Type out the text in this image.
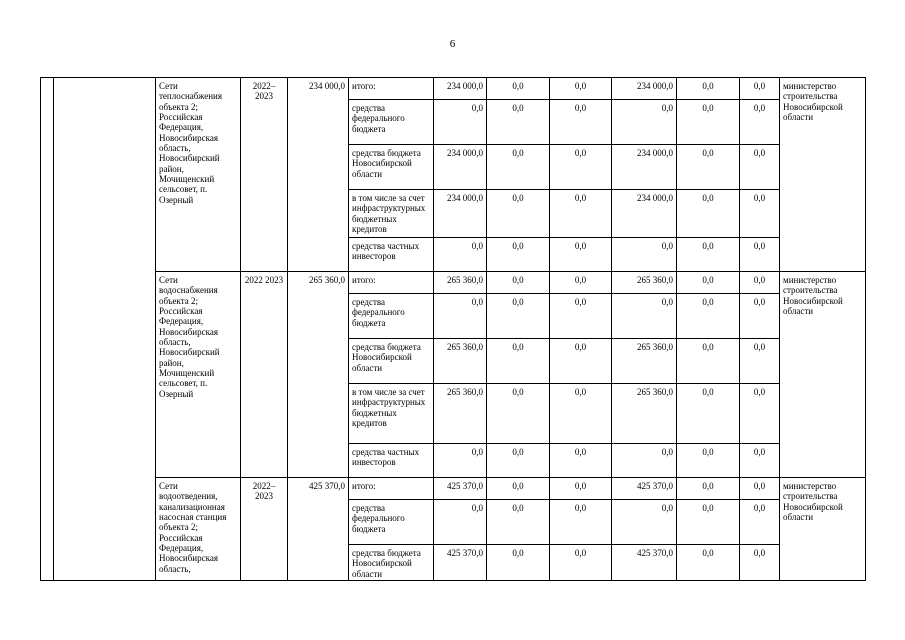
6
		Сети теплоснабжения объекта 2; Российская Федерация, Новосибирская область, Новосибирский район, Мочищенский сельсовет, п. Озерный	2022–2023	234 000,0	итого:	234 000,0	0,0	0,0	234 000,0	0,0	0,0	министерство строительства Новосибирской области
					средства федерального бюджета	0,0	0,0	0,0	0,0	0,0	0,0	
					средства бюджета Новосибирской области	234 000,0	0,0	0,0	234 000,0	0,0	0,0	
					в том числе за счет инфраструктурных бюджетных кредитов	234 000,0	0,0	0,0	234 000,0	0,0	0,0	
					средства частных инвесторов	0,0	0,0	0,0	0,0	0,0	0,0	
		Сети водоснабжения объекта 2; Российская Федерация, Новосибирская область, Новосибирский район, Мочищенский сельсовет, п. Озерный	2022 2023	265 360,0	итого:	265 360,0	0,0	0,0	265 360,0	0,0	0,0	министерство строительства Новосибирской области
					средства федерального бюджета	0,0	0,0	0,0	0,0	0,0	0,0	
					средства бюджета Новосибирской области	265 360,0	0,0	0,0	265 360,0	0,0	0,0	
					в том числе за счет инфраструктурных бюджетных кредитов	265 360,0	0,0	0,0	265 360,0	0,0	0,0	
					средства частных инвесторов	0,0	0,0	0,0	0,0	0,0	0,0	
		Сети водоотведения, канализационная насосная станция объекта 2; Российская Федерация, Новосибирская область,	2022–2023	425 370,0	итого:	425 370,0	0,0	0,0	425 370,0	0,0	0,0	министерство строительства Новосибирской области
					средства федерального бюджета	0,0	0,0	0,0	0,0	0,0	0,0	
					средства бюджета Новосибирской области	425 370,0	0,0	0,0	425 370,0	0,0	0,0	
